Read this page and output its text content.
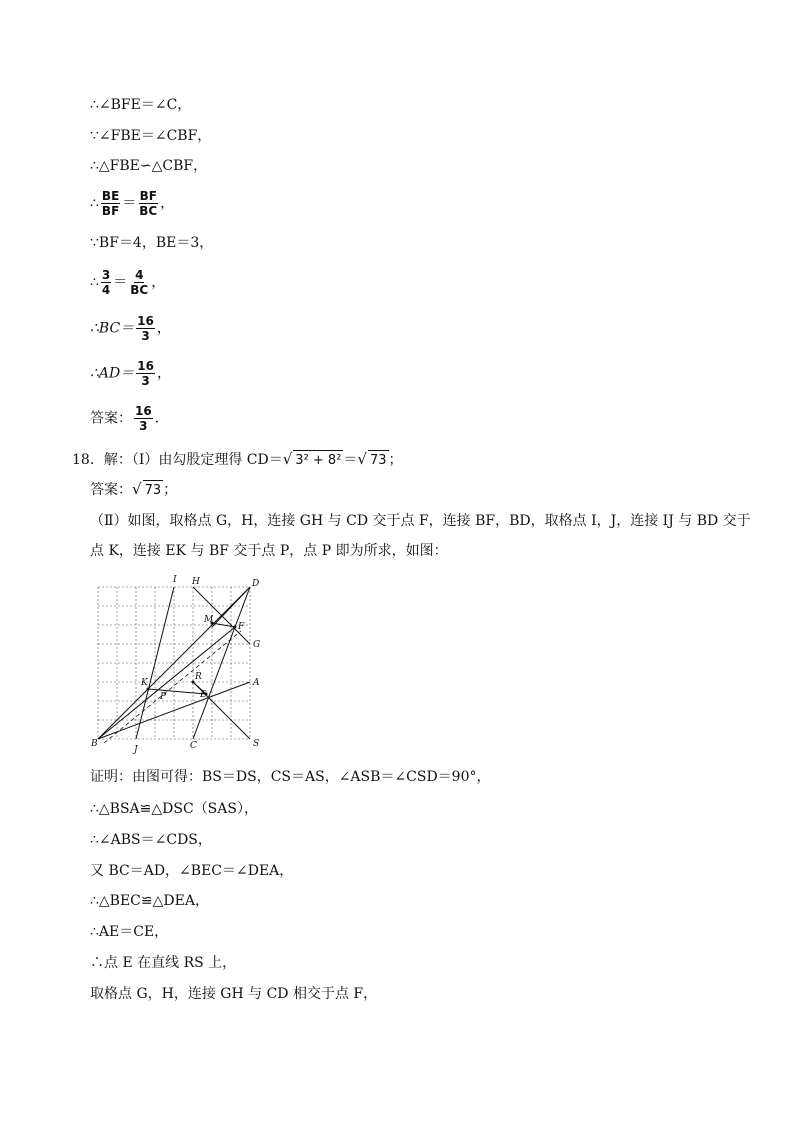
∴∠BFE＝∠C，
∵∠FBE＝∠CBF，
∴△FBE∽△CBF，
∴ $\frac{BE}{BF} = \frac{BF}{BC}$ ，
∵BF＝4，BE＝3，
∴ $\frac{3}{4} = \frac{4}{BC}$ ，
∴BC＝ $\frac{16}{3}$ ，
∴AD＝ $\frac{16}{3}$ ，
答案： $\frac{16}{3}$ ．
18．解：（Ⅰ）由勾股定理得 CD＝√ 3² + 8² ＝√ 73 ；
答案：√ 73 ；
（Ⅱ）如图，取格点 G，H，连接 GH 与 CD 交于点 F，连接 BF，BD，取格点 I，J，连接 IJ 与 BD 交于
点 K，连接 EK 与 BF 交于点 P，点 P 即为所求，如图：
I H	D
M
F
G
K
R
A
P	E
B
J	C	S
证明：由图可得：BS＝DS，CS＝AS，∠ASB＝∠CSD＝90°，
∴△BSA≌△DSC（SAS），
∴∠ABS＝∠CDS，
又 BC＝AD，∠BEC＝∠DEA，
∴△BEC≌△DEA，
∴AE＝CE，
∴点 E 在直线 RS 上，
取格点 G，H，连接 GH 与 CD 相交于点 F，
